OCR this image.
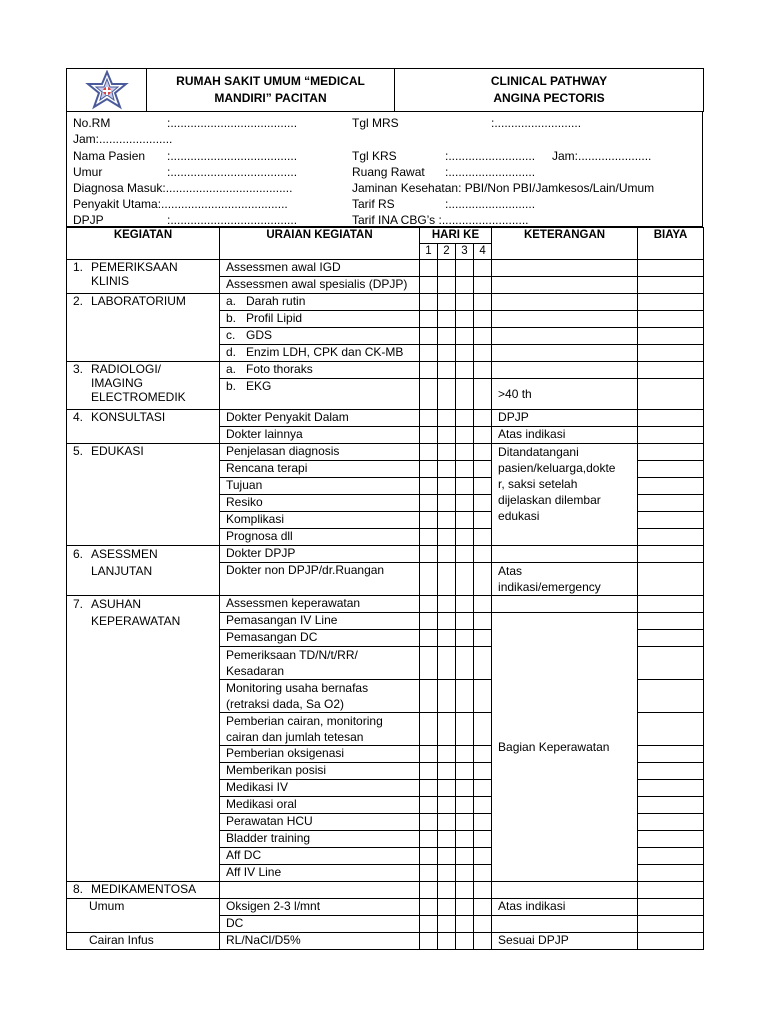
RUMAH SAKIT UMUM “MEDICAL
MANDIRI” PACITAN

CLINICAL PATHWAY
ANGINA PECTORIS
No.RM	:......................................	Tgl MRS	:..........................
Jam:......................
Nama Pasien :......................................	Tgl KRS	:.......................... Jam:......................
Umur	:......................................	Ruang Rawat :..........................
Diagnosa Masuk:......................................	Jaminan Kesehatan: PBI/Non PBI/Jamkesos/Lain/Umum
Penyakit Utama:......................................	Tarif RS	:..........................
DPJP	:......................................	Tarif INA CBG’s :..........................
KEGIATAN	URAIAN KEGIATAN	HARI KE				KETERANGAN	BIAYA
		1	2	3	4		
1. PEMERIKSAAN
KLINIS	Assessmen awal IGD						
	Assessmen awal spesialis (DPJP)						
2. LABORATORIUM	a. Darah rutin						
	b. Profil Lipid						
	c. GDS						
	d. Enzim LDH, CPK dan CK-MB						
3. RADIOLOGI/
IMAGING
ELECTROMEDIK	a. Foto thoraks						
	b. EKG					>40 th	
4. KONSULTASI	Dokter Penyakit Dalam					DPJP	
	Dokter lainnya					Atas indikasi	
5. EDUKASI	Penjelasan diagnosis					Ditandatangani
pasien/keluarga,dokte
r, saksi setelah
dijelaskan dilembar
edukasi	

	Rencana terapi						
	Tujuan						
	Resiko						
	Komplikasi						
	Prognosa dll						
6. ASESSMEN
LANJUTAN	Dokter DPJP						
	Dokter non DPJP/dr.Ruangan					Atas
indikasi/emergency	

7. ASUHAN
KEPERAWATAN	Assessmen keperawatan						
	Pemasangan IV Line					Bagian Keperawatan	
	Pemasangan DC						

	Pemeriksaan TD/N/t/RR/
Kesadaran						

	Monitoring usaha bernafas
(retraksi dada, Sa O2)						

	Pemberian cairan, monitoring
cairan dan jumlah tetesan						

	Pemberian oksigenasi						
	Memberikan posisi						
	Medikasi IV						
	Medikasi oral						
	Perawatan HCU						
	Bladder training						
	Aff DC						
	Aff IV Line						
8. MEDIKAMENTOSA							
Umum	Oksigen 2-3 l/mnt					Atas indikasi	
	DC						
Cairan Infus	RL/NaCl/D5%					Sesuai DPJP	
